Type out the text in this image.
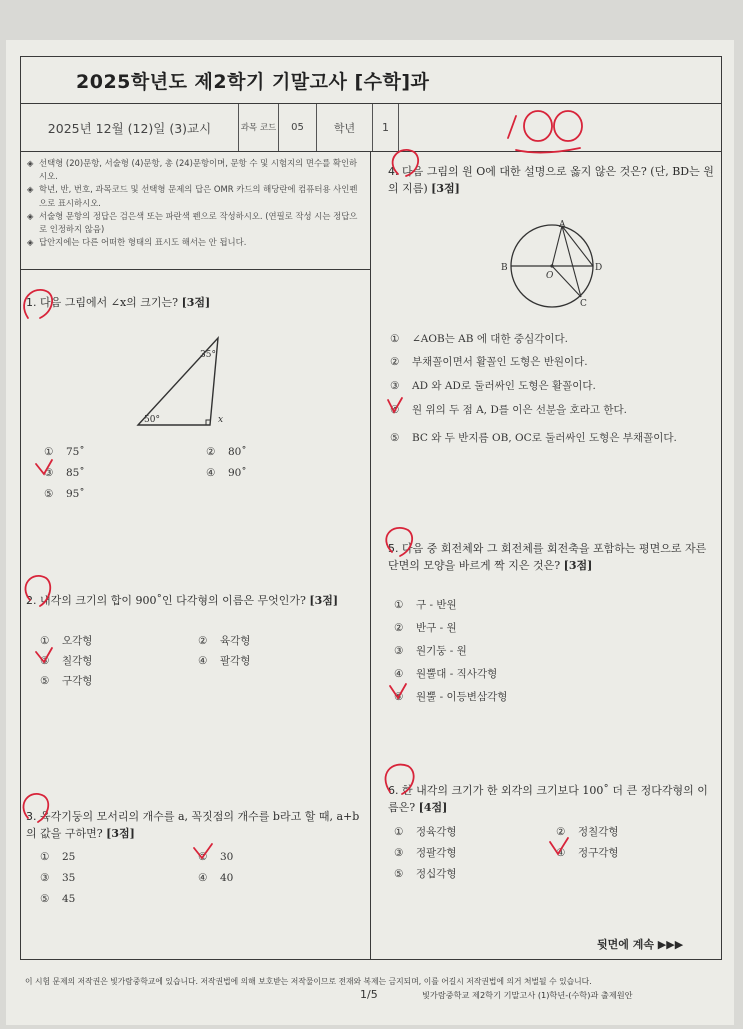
2025학년도 제2학기 기말고사 [수학]과
2025년 12월 (12)일 (3)교시	과목 코드	05	학년	1
◈ 선택형 (20)문항, 서술형 (4)문항, 총 (24)문항이며, 문항 수 및 시험지의 면수를 확인하시오.
◈ 학년, 반, 번호, 과목코드 및 선택형 문제의 답은 OMR 카드의 해당란에 컴퓨터용 사인펜으로 표시하시오.
◈ 서술형 문항의 정답은 검은색 또는 파란색 펜으로 작성하시오. (연필로 작성 시는 정답으로 인정하지 않음)
◈ 답안지에는 다른 어떠한 형태의 표시도 해서는 안 됩니다.
1. 다음 그림에서 ∠x의 크기는? [3점]
35°
50°	x
① 75˚	② 80˚
③ 85˚	④ 90˚
⑤ 95˚
2. 내각의 크기의 합이 900˚인 다각형의 이름은 무엇인가? [3점]
① 오각형	② 육각형
③ 칠각형	④ 팔각형
⑤ 구각형
3. 육각기둥의 모서리의 개수를 a, 꼭짓점의 개수를 b라고 할 때, a+b의 값을 구하면? [3점]
① 25	② 30
③ 35	④ 40
⑤ 45
4. 다음 그림의 원 O에 대한 설명으로 옳지 않은 것은? (단, BD는 원의 지름) [3점]
A
B
O
D
C
① ∠AOB는 AB 에 대한 중심각이다.
② 부채꼴이면서 활꼴인 도형은 반원이다.
③ AD 와 AD로 둘러싸인 도형은 활꼴이다.
④ 원 위의 두 점 A, D를 이은 선분을 호라고 한다.
⑤	BC 와 두 반지름 OB, OC로 둘러싸인 도형은 부채꼴이다.
5. 다음 중 회전체와 그 회전체를 회전축을 포함하는 평면으로 자른 단면의 모양을 바르게 짝 지은 것은? [3점]
① 구 - 반원
② 반구 - 원
③ 원기둥 - 원
④ 원뿔대 - 직사각형
⑤ 원뿔 - 이등변삼각형
6. 한 내각의 크기가 한 외각의 크기보다 100˚ 더 큰 정다각형의 이름은? [4점]
① 정육각형	② 정칠각형
③ 정팔각형	④ 정구각형
⑤ 정십각형
뒷면에 계속 ▶▶▶
이 시험 문제의 저작권은 빛가람중학교에 있습니다. 저작권법에 의해 보호받는 저작물이므로 전재와 복제는 금지되며, 이를 어길시 저작권법에 의거 처벌될 수 있습니다.
1/5	빛가람중학교 제2학기 기말고사 (1)학년-(수학)과 출제원안
